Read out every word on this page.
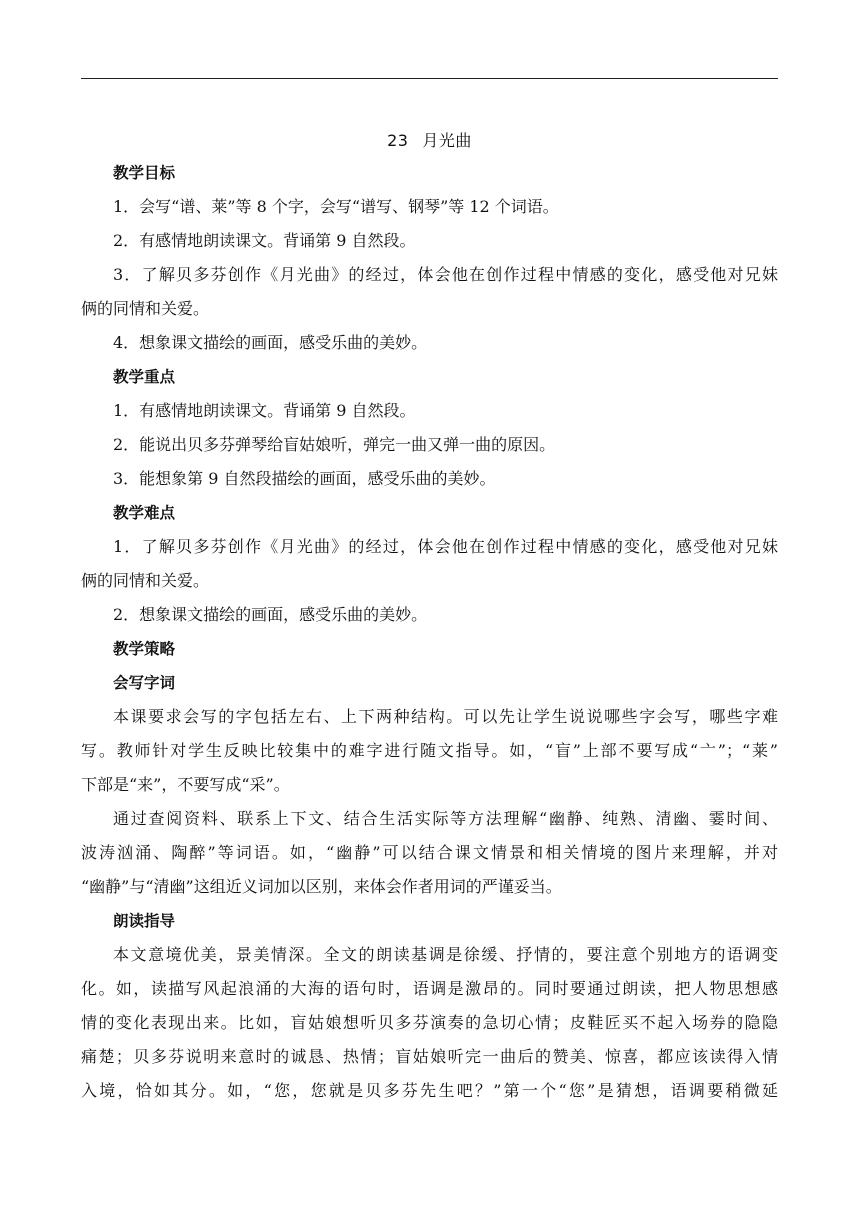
23 月光曲
教学目标
1．会写“谱、莱”等 8 个字，会写“谱写、钢琴”等 12 个词语。
2．有感情地朗读课文。背诵第 9 自然段。
3．了解贝多芬创作《月光曲》的经过，体会他在创作过程中情感的变化，感受他对兄妹
俩的同情和关爱。
4．想象课文描绘的画面，感受乐曲的美妙。
教学重点
1．有感情地朗读课文。背诵第 9 自然段。
2．能说出贝多芬弹琴给盲姑娘听，弹完一曲又弹一曲的原因。
3．能想象第 9 自然段描绘的画面，感受乐曲的美妙。
教学难点
1．了解贝多芬创作《月光曲》的经过，体会他在创作过程中情感的变化，感受他对兄妹
俩的同情和关爱。
2．想象课文描绘的画面，感受乐曲的美妙。
教学策略
会写字词
本课要求会写的字包括左右、上下两种结构。可以先让学生说说哪些字会写，哪些字难
写。教师针对学生反映比较集中的难字进行随文指导。如，“盲”上部不要写成“亠”；“莱”
下部是“来”，不要写成“采”。
通过查阅资料、联系上下文、结合生活实际等方法理解“幽静、纯熟、清幽、霎时间、
波涛汹涌、陶醉”等词语。如，“幽静”可以结合课文情景和相关情境的图片来理解，并对
“幽静”与“清幽”这组近义词加以区别，来体会作者用词的严谨妥当。
朗读指导
本文意境优美，景美情深。全文的朗读基调是徐缓、抒情的，要注意个别地方的语调变
化。如，读描写风起浪涌的大海的语句时，语调是激昂的。同时要通过朗读，把人物思想感
情的变化表现出来。比如，盲姑娘想听贝多芬演奏的急切心情；皮鞋匠买不起入场券的隐隐
痛楚；贝多芬说明来意时的诚恳、热情；盲姑娘听完一曲后的赞美、惊喜，都应该读得入情
入境，恰如其分。如，“您，您就是贝多芬先生吧？”第一个“您”是猜想，语调要稍微延
